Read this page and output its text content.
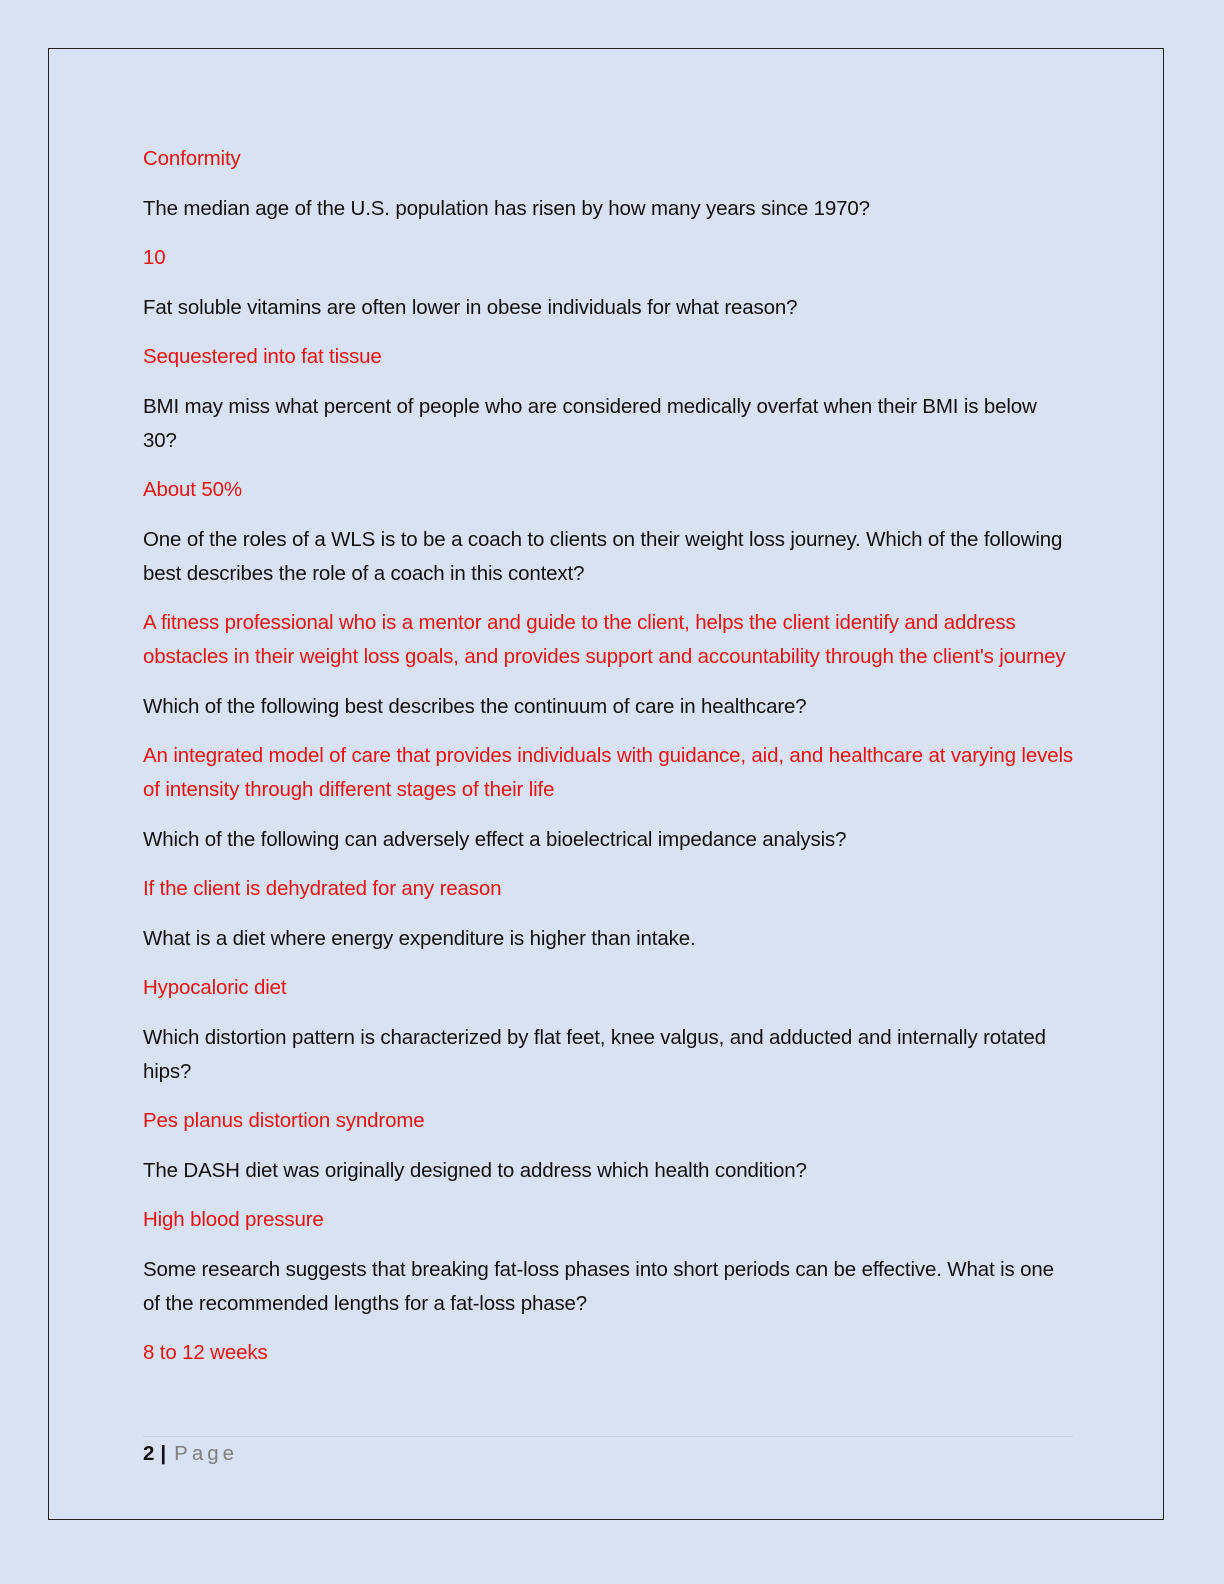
Conformity

The median age of the U.S. population has risen by how many years since 1970?

10

Fat soluble vitamins are often lower in obese individuals for what reason?

Sequestered into fat tissue

BMI may miss what percent of people who are considered medically overfat when their BMI is below 30?

About 50%

One of the roles of a WLS is to be a coach to clients on their weight loss journey. Which of the following best describes the role of a coach in this context?

A fitness professional who is a mentor and guide to the client, helps the client identify and address obstacles in their weight loss goals, and provides support and accountability through the client's journey

Which of the following best describes the continuum of care in healthcare?

An integrated model of care that provides individuals with guidance, aid, and healthcare at varying levels of intensity through different stages of their life

Which of the following can adversely effect a bioelectrical impedance analysis?

If the client is dehydrated for any reason

What is a diet where energy expenditure is higher than intake.

Hypocaloric diet

Which distortion pattern is characterized by flat feet, knee valgus, and adducted and internally rotated hips?

Pes planus distortion syndrome

The DASH diet was originally designed to address which health condition?

High blood pressure

Some research suggests that breaking fat-loss phases into short periods can be effective. What is one of the recommended lengths for a fat-loss phase?

8 to 12 weeks

2 | Page
